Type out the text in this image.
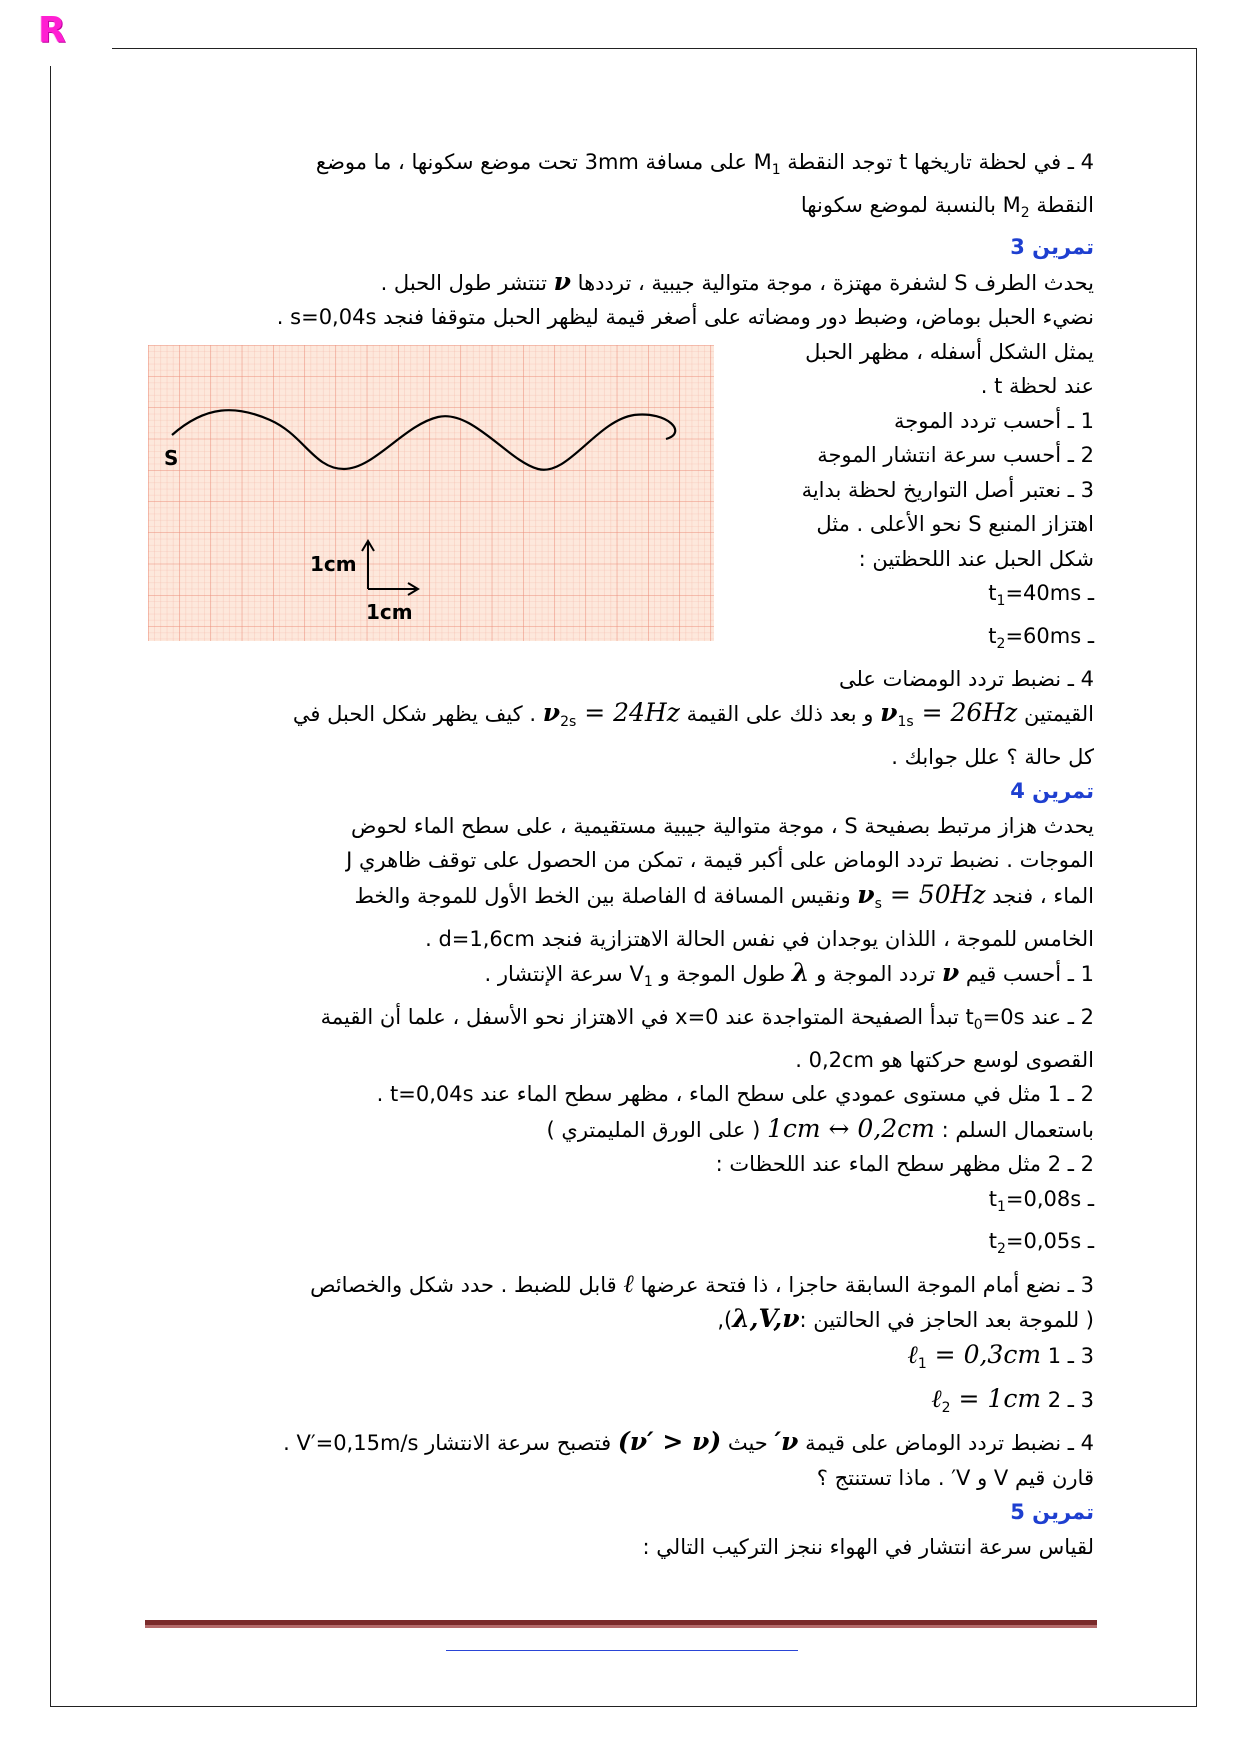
R
4 ـ في لحظة تاريخها t توجد النقطة $M_1$ على مسافة 3mm تحت موضع سكونها ، ما موضع
النقطة $M_2$ بالنسبة لموضع سكونها
تمرين 3
يحدث الطرف S لشفرة مهتزة ، موجة متوالية جيبية ، ترددها ν تنتشر طول الحبل .
نضيء الحبل بوماض، وضبط دور ومضاته على أصغر قيمة ليظهر الحبل متوقفا فنجد s=0,04s .
يمثل الشكل أسفله ، مظهر الحبل
عند لحظة t .
1 ـ أحسب تردد الموجة
2 ـ أحسب سرعة انتشار الموجة
3 ـ نعتبر أصل التواريخ لحظة بداية
اهتزاز المنبع S نحو الأعلى . مثل
شكل الحبل عند اللحظتين :
$t_1=40ms$ ـ
$t_2=60ms$ ـ
4 ـ نضبط تردد الومضات على
القيمتين $\nu_{1s} = 26Hz$ و بعد ذلك على القيمة $\nu_{2s} = 24Hz$ . كيف يظهر شكل الحبل في
كل حالة ؟ علل جوابك .
تمرين 4
يحدث هزاز مرتبط بصفيحة S ، موجة متوالية جيبية مستقيمية ، على سطح الماء لحوض
الموجات . نضبط تردد الوماض على أكبر قيمة ، تمكن من الحصول على توقف ظاهري J
الماء ، فنجد $\nu_s = 50Hz$ ونقيس المسافة d الفاصلة بين الخط الأول للموجة والخط
الخامس للموجة ، اللذان يوجدان في نفس الحالة الاهتزازية فنجد d=1,6cm .
1 ـ أحسب قيم ν تردد الموجة و λ طول الموجة و $V_1$ سرعة الإنتشار .
2 ـ عند $t_0=0s$ تبدأ الصفيحة المتواجدة عند x=0 في الاهتزاز نحو الأسفل ، علما أن القيمة
القصوى لوسع حركتها هو 0,2cm .
2 ـ 1 مثل في مستوى عمودي على سطح الماء ، مظهر سطح الماء عند t=0,04s .
باستعمال السلم : 1cm ↔ 0,2cm ( على الورق المليمتري )
2 ـ 2 مثل مظهر سطح الماء عند اللحظات :
$t_1=0,08s$ ـ
$t_2=0,05s$ ـ
3 ـ نضع أمام الموجة السابقة حاجزا ، ذا فتحة عرضها ℓ قابل للضبط . حدد شكل والخصائص
( للموجة بعد الحاجز في الحالتين :λ,V,ν),
3 ـ 1 ℓ$_1$ = 0,3cm
3 ـ 2 ℓ$_2$ = 1cm
4 ـ نضبط تردد الوماض على قيمة ν′ حيث (ν′ > ν) فتصبح سرعة الانتشار V′=0,15m/s .
قارن قيم V و V′ . ماذا تستنتج ؟
تمرين 5
لقياس سرعة انتشار في الهواء ننجز التركيب التالي :
S
1cm
1cm
